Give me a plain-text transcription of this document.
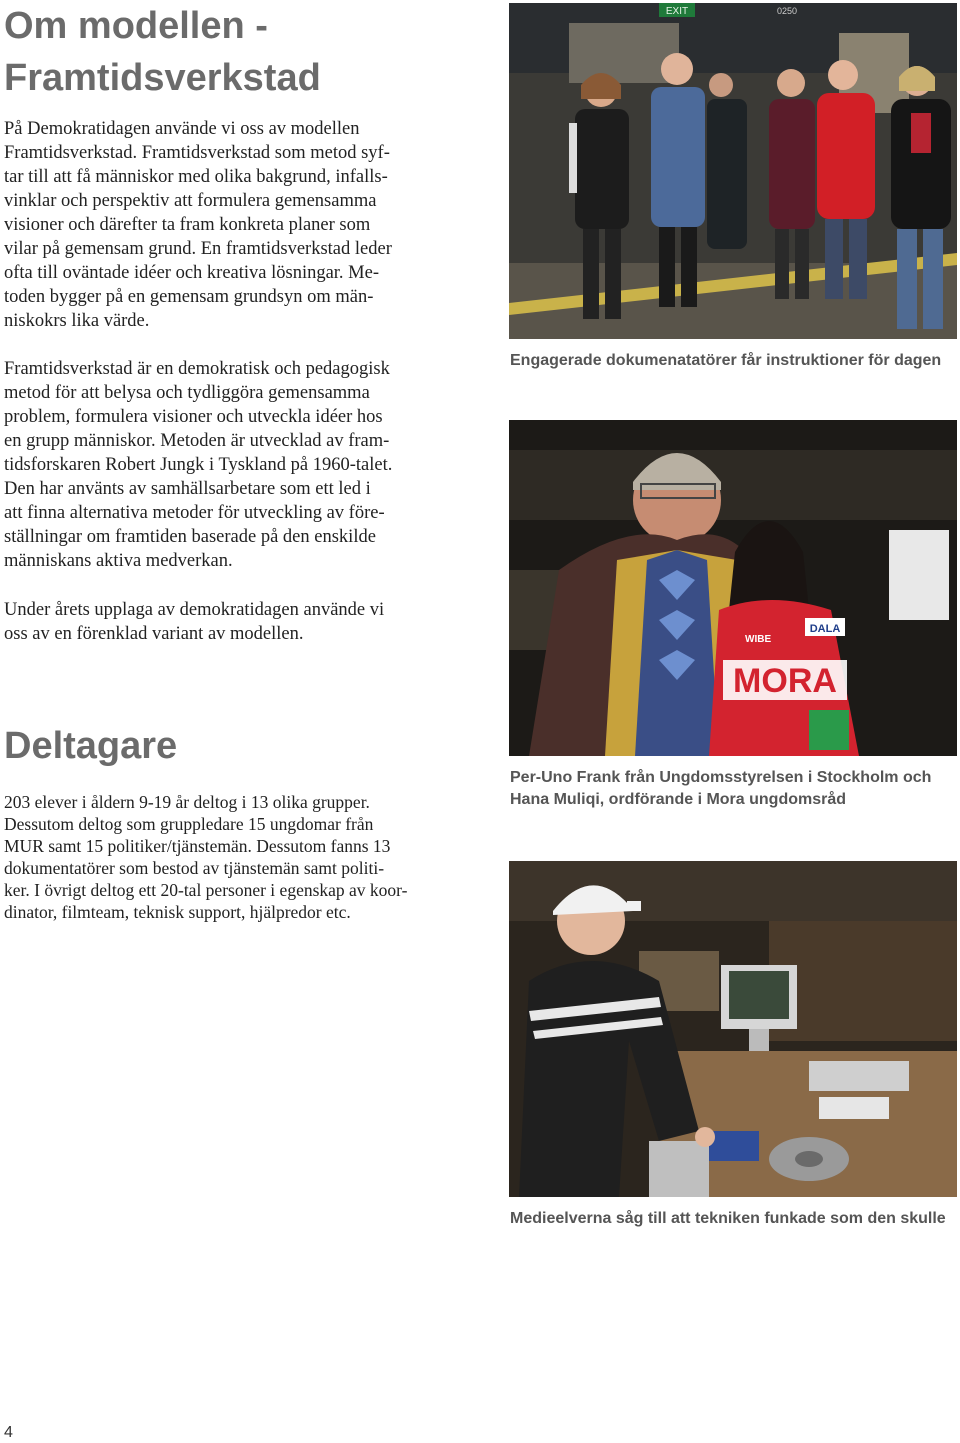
Om modellen -
Framtidsverkstad

På Demokratidagen använde vi oss av modellen
Framtidsverkstad. Framtidsverkstad som metod syf-
tar till att få människor med olika bakgrund, infalls-
vinklar och perspektiv att formulera gemensamma
visioner och därefter ta fram konkreta planer som
vilar på gemensam grund. En framtidsverkstad leder
ofta till oväntade idéer och kreativa lösningar. Me-
toden bygger på en gemensam grundsyn om män-
niskokrs lika värde.

Framtidsverkstad är en demokratisk och pedagogisk
metod för att belysa och tydliggöra gemensamma
problem, formulera visioner och utveckla idéer hos
en grupp människor. Metoden är utvecklad av fram-
tidsforskaren Robert Jungk i Tyskland på 1960-talet.
Den har använts av samhällsarbetare som ett led i
att finna alternativa metoder för utveckling av före-
ställningar om framtiden baserade på den enskilde
människans aktiva medverkan.

Under årets upplaga av demokratidagen använde vi
oss av en förenklad variant av modellen.

Deltagare

203 elever i åldern 9-19 år deltog i 13 olika grupper.
Dessutom deltog som gruppledare 15 ungdomar från
MUR samt 15 politiker/tjänstemän. Dessutom fanns 13
dokumentatörer som bestod av tjänstemän samt politi-
ker. I övrigt deltog ett 20-tal personer i egenskap av koor-
dinator, filmteam, teknisk support, hjälpredor etc.

EXIT	0250

Engagerade dokumenatatörer får instruktioner för dagen

MORA
DALA
WIBE

Per-Uno Frank från Ungdomsstyrelsen i Stockholm och
Hana Muliqi, ordförande i Mora ungdomsråd

Medieelverna såg till att tekniken funkade som den skulle

4
